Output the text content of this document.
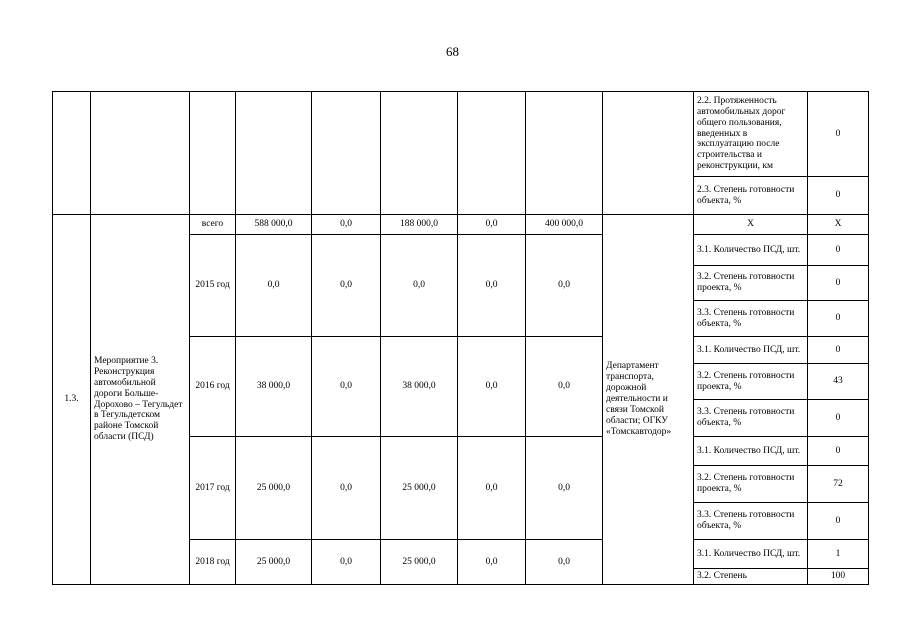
68
									2.2. Протяженность автомобильных дорог общего пользования, введенных в эксплуатацию после строительства и реконструкции, км	0
									2.3. Степень готовности объекта, %	0
1.3.	Мероприятие 3. Реконструкция автомобильной дороги Больше-Дорохово – Тегульдет в Тегульдетском районе Томской области (ПСД)	всего	588 000,0	0,0	188 000,0	0,0	400 000,0	Департамент транспорта, дорожной деятельности и связи Томской области; ОГКУ «Томскавтодор»	Х	Х
		2015 год	0,0	0,0	0,0	0,0	0,0		3.1. Количество ПСД, шт.	0
									3.2. Степень готовности проекта, %	0
									3.3. Степень готовности объекта, %	0
		2016 год	38 000,0	0,0	38 000,0	0,0	0,0		3.1. Количество ПСД, шт.	0
									3.2. Степень готовности проекта, %	43
									3.3. Степень готовности объекта, %	0
		2017 год	25 000,0	0,0	25 000,0	0,0	0,0		3.1. Количество ПСД, шт.	0
									3.2. Степень готовности проекта, %	72
									3.3. Степень готовности объекта, %	0
		2018 год	25 000,0	0,0	25 000,0	0,0	0,0		3.1. Количество ПСД, шт.	1
									3.2. Степень	100
